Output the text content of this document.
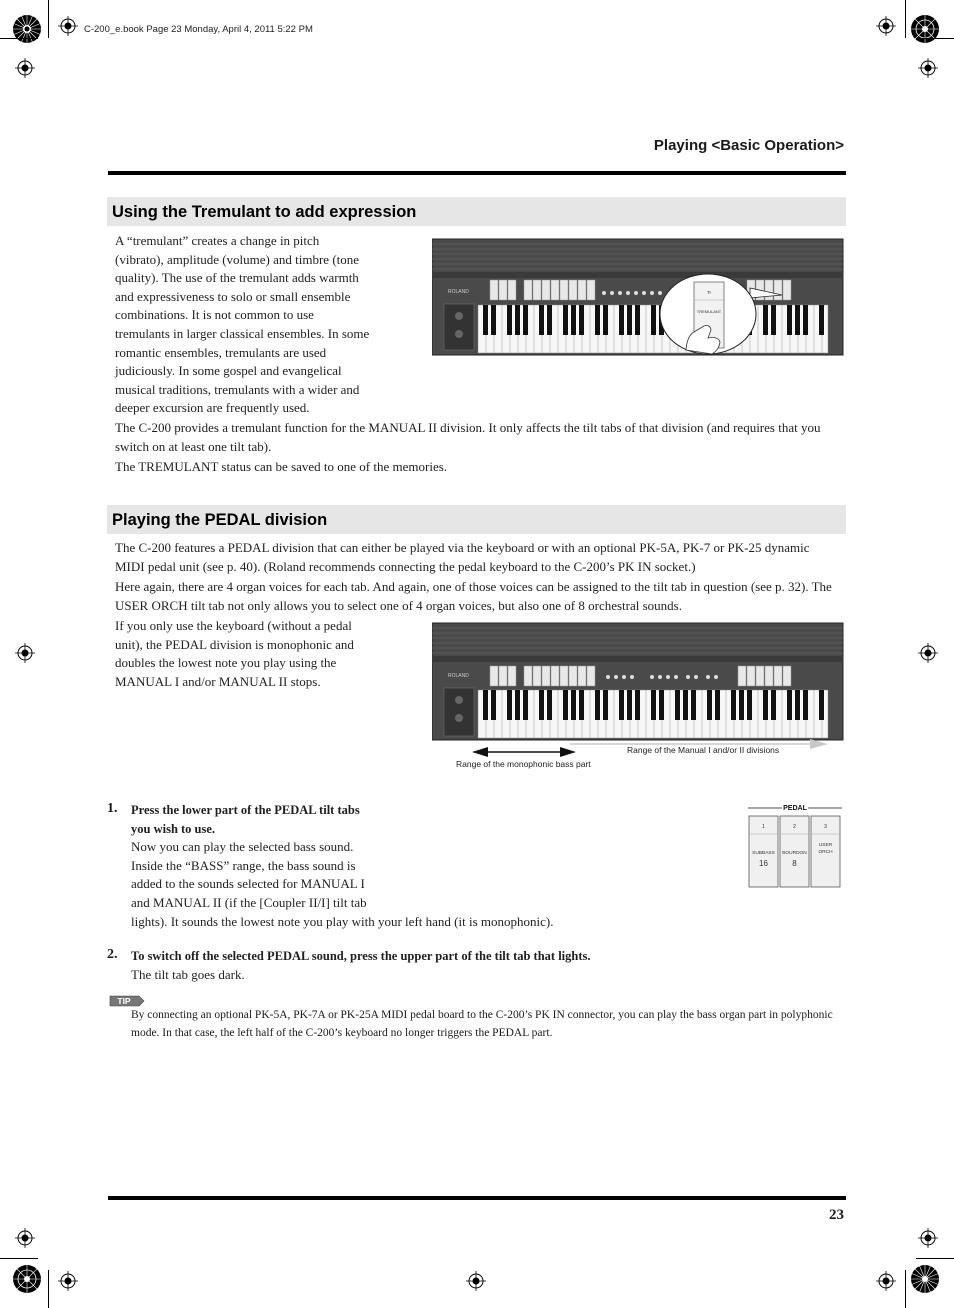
C-200_e.book Page 23 Monday, April 4, 2011 5:22 PM
Playing <Basic Operation>
Using the Tremulant to add expression
A “tremulant” creates a change in pitch
(vibrato), amplitude (volume) and timbre (tone
quality). The use of the tremulant adds warmth
and expressiveness to solo or small ensemble
combinations. It is not common to use
tremulants in larger classical ensembles. In some
romantic ensembles, tremulants are used
judiciously. In some gospel and evangelical
musical traditions, tremulants with a wider and
deeper excursion are frequently used.
ROLAND	Tr
TREMULANT
The C-200 provides a tremulant function for the MANUAL II division. It only affects the tilt tabs of that division (and requires that you switch on at least one tilt tab).
The TREMULANT status can be saved to one of the memories.
Playing the PEDAL division
The C-200 features a PEDAL division that can either be played via the keyboard or with an optional PK-5A, PK-7 or PK-25 dynamic MIDI pedal unit (see p. 40). (Roland recommends connecting the pedal keyboard to the C-200’s PK IN socket.)
Here again, there are 4 organ voices for each tab. And again, one of those voices can be assigned to the tilt tab in question (see p. 32). The USER ORCH tilt tab not only allows you to select one of 4 organ voices, but also one of 8 orchestral sounds.
If you only use the keyboard (without a pedal
unit), the PEDAL division is monophonic and
doubles the lowest note you play using the
MANUAL I and/or MANUAL II stops.	ROLAND
Range of the Manual I and/or II divisions
Range of the monophonic bass part
1. Press the lower part of the PEDAL tilt tabs
you wish to use.
Now you can play the selected bass sound.
Inside the “BASS” range, the bass sound is
added to the sounds selected for MANUAL I
and MANUAL II (if the [Coupler II/I] tilt tab
lights). It sounds the lowest note you play with your left hand (it is monophonic).
PEDAL
1
SUBBASS
16
2
BOURDON
8
3
USER
ORCH
2. To switch off the selected PEDAL sound, press the upper part of the tilt tab that lights.
The tilt tab goes dark.
TIP
By connecting an optional PK-5A, PK-7A or PK-25A MIDI pedal board to the C-200’s PK IN connector, you can play the bass organ part in polyphonic mode. In that case, the left half of the C-200’s keyboard no longer triggers the PEDAL part.
23
